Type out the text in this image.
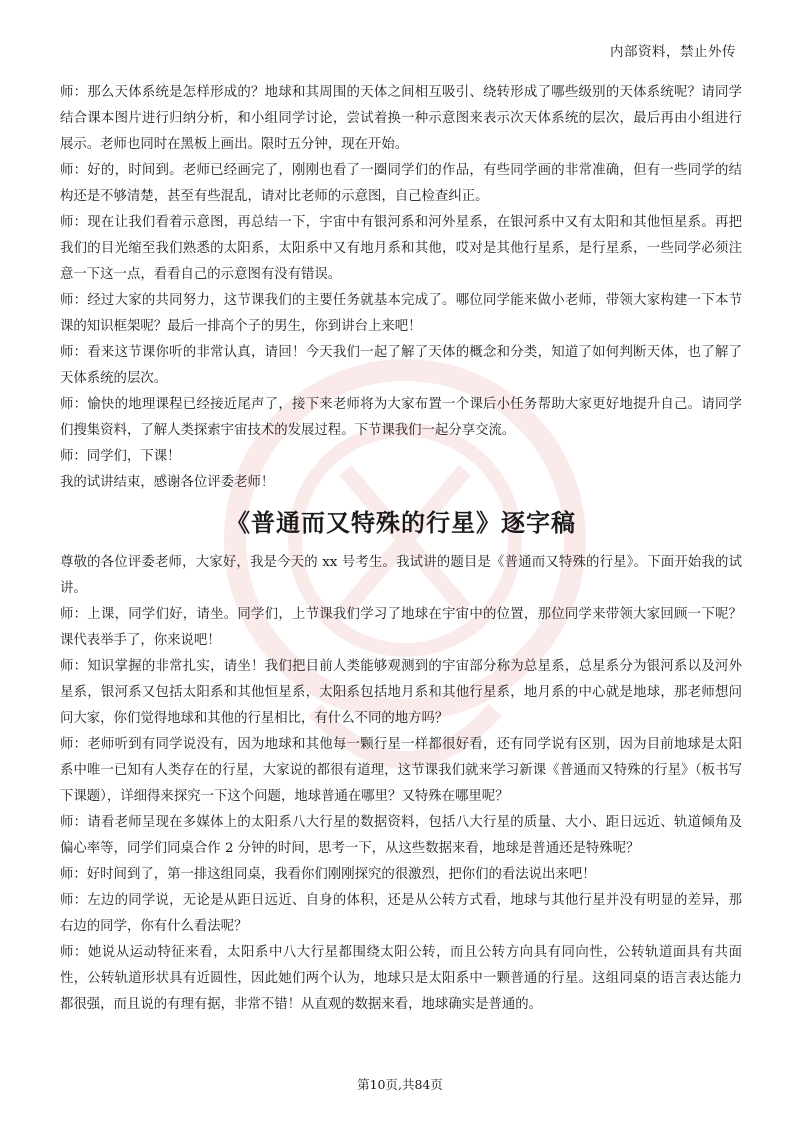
内部资料，禁止外传

师：那么天体系统是怎样形成的？地球和其周围的天体之间相互吸引、绕转形成了哪些级别的天体系统呢？请同学结合课本图片进行归纳分析，和小组同学讨论，尝试着换一种示意图来表示次天体系统的层次，最后再由小组进行展示。老师也同时在黑板上画出。限时五分钟，现在开始。

师：好的，时间到。老师已经画完了，刚刚也看了一圈同学们的作品，有些同学画的非常准确，但有一些同学的结构还是不够清楚，甚至有些混乱，请对比老师的示意图，自己检查纠正。

师：现在让我们看着示意图，再总结一下，宇宙中有银河系和河外星系，在银河系中又有太阳和其他恒星系。再把我们的目光缩至我们熟悉的太阳系，太阳系中又有地月系和其他，哎对是其他行星系，是行星系，一些同学必须注意一下这一点，看看自己的示意图有没有错误。

师：经过大家的共同努力，这节课我们的主要任务就基本完成了。哪位同学能来做小老师，带领大家构建一下本节课的知识框架呢？最后一排高个子的男生，你到讲台上来吧！

师：看来这节课你听的非常认真，请回！今天我们一起了解了天体的概念和分类，知道了如何判断天体，也了解了天体系统的层次。

师：愉快的地理课程已经接近尾声了，接下来老师将为大家布置一个课后小任务帮助大家更好地提升自己。请同学们搜集资料，了解人类探索宇宙技术的发展过程。下节课我们一起分享交流。

师：同学们，下课！

我的试讲结束，感谢各位评委老师！

《普通而又特殊的行星》逐字稿

尊敬的各位评委老师，大家好，我是今天的 xx 号考生。我试讲的题目是《普通而又特殊的行星》。下面开始我的试讲。

师：上课，同学们好，请坐。同学们，上节课我们学习了地球在宇宙中的位置，那位同学来带领大家回顾一下呢？课代表举手了，你来说吧！

师：知识掌握的非常扎实，请坐！我们把目前人类能够观测到的宇宙部分称为总星系，总星系分为银河系以及河外星系，银河系又包括太阳系和其他恒星系，太阳系包括地月系和其他行星系，地月系的中心就是地球，那老师想问问大家，你们觉得地球和其他的行星相比，有什么不同的地方吗？

师：老师听到有同学说没有，因为地球和其他每一颗行星一样都很好看，还有同学说有区别，因为目前地球是太阳系中唯一已知有人类存在的行星，大家说的都很有道理，这节课我们就来学习新课《普通而又特殊的行星》（板书写下课题），详细得来探究一下这个问题，地球普通在哪里？又特殊在哪里呢？

师：请看老师呈现在多媒体上的太阳系八大行星的数据资料，包括八大行星的质量、大小、距日远近、轨道倾角及偏心率等，同学们同桌合作 2 分钟的时间，思考一下，从这些数据来看，地球是普通还是特殊呢？

师：好时间到了，第一排这组同桌，我看你们刚刚探究的很激烈，把你们的看法说出来吧！

师：左边的同学说，无论是从距日远近、自身的体积，还是从公转方式看，地球与其他行星并没有明显的差异，那右边的同学，你有什么看法呢？

师：她说从运动特征来看，太阳系中八大行星都围绕太阳公转，而且公转方向具有同向性，公转轨道面具有共面性，公转轨道形状具有近圆性，因此她们两个认为，地球只是太阳系中一颗普通的行星。这组同桌的语言表达能力都很强，而且说的有理有据，非常不错！从直观的数据来看，地球确实是普通的。

第10页,共84页
